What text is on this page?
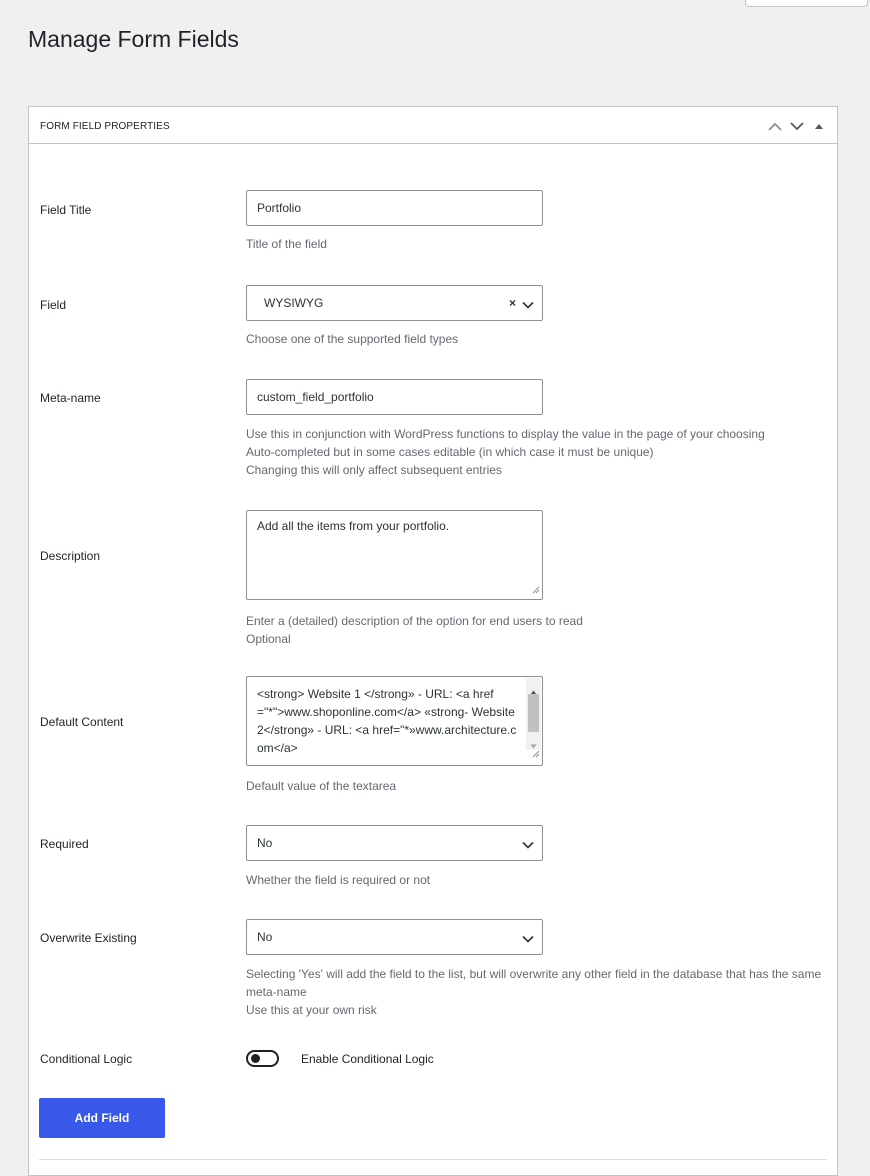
Manage Form Fields
FORM FIELD PROPERTIES
Field Title	Portfolio
Title of the field
Field	WYSIWYG	×
Choose one of the supported field types
Meta-name	custom_field_portfolio
Use this in conjunction with WordPress functions to display the value in the page of your choosing
Auto-completed but in some cases editable (in which case it must be unique)
Changing this will only affect subsequent entries
Description
Add all the items from your portfolio.
Enter a (detailed) description of the option for end users to read
Optional
Default Content
<strong> Website 1 </strong» - URL: <a href="*">www.shoponline.com</a> «strong- Website 2</strong» - URL: <a href="*»www.architecture.com</a>
Default value of the textarea
Required	No
Whether the field is required or not
Overwrite Existing	No
Selecting 'Yes' will add the field to the list, but will overwrite any other field in the database that has the same
meta-name
Use this at your own risk
Conditional Logic	Enable Conditional Logic
Add Field
